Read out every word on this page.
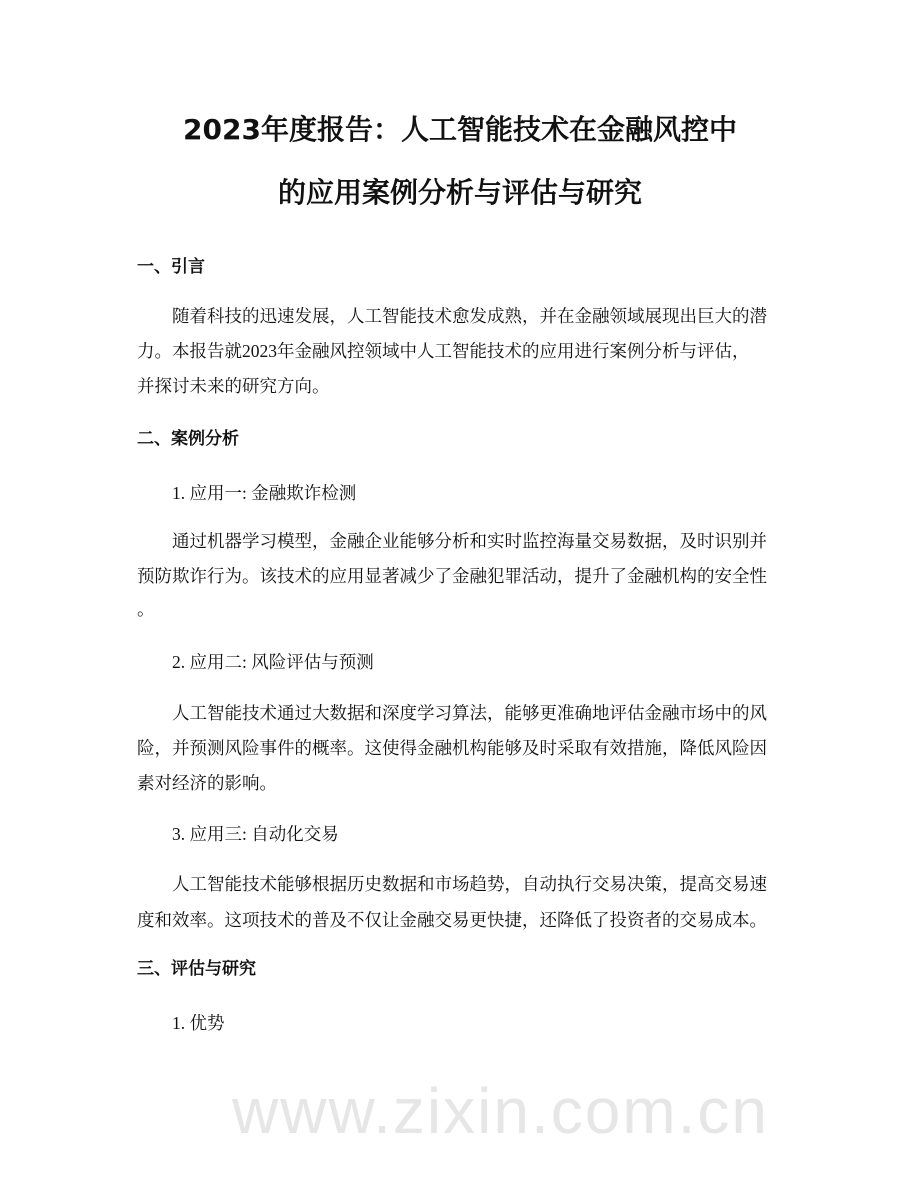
2023年度报告：人工智能技术在金融风控中
的应用案例分析与评估与研究
一、引言
随着科技的迅速发展，人工智能技术愈发成熟，并在金融领域展现出巨大的潜
力。本报告就2023年金融风控领域中人工智能技术的应用进行案例分析与评估，
并探讨未来的研究方向。
二、案例分析
1. 应用一: 金融欺诈检测
通过机器学习模型，金融企业能够分析和实时监控海量交易数据，及时识别并
预防欺诈行为。该技术的应用显著减少了金融犯罪活动，提升了金融机构的安全性
。
2. 应用二: 风险评估与预测
人工智能技术通过大数据和深度学习算法，能够更准确地评估金融市场中的风
险，并预测风险事件的概率。这使得金融机构能够及时采取有效措施，降低风险因
素对经济的影响。
3. 应用三: 自动化交易
人工智能技术能够根据历史数据和市场趋势，自动执行交易决策，提高交易速
度和效率。这项技术的普及不仅让金融交易更快捷，还降低了投资者的交易成本。
三、评估与研究
1. 优势
www.zixin.com.cn
